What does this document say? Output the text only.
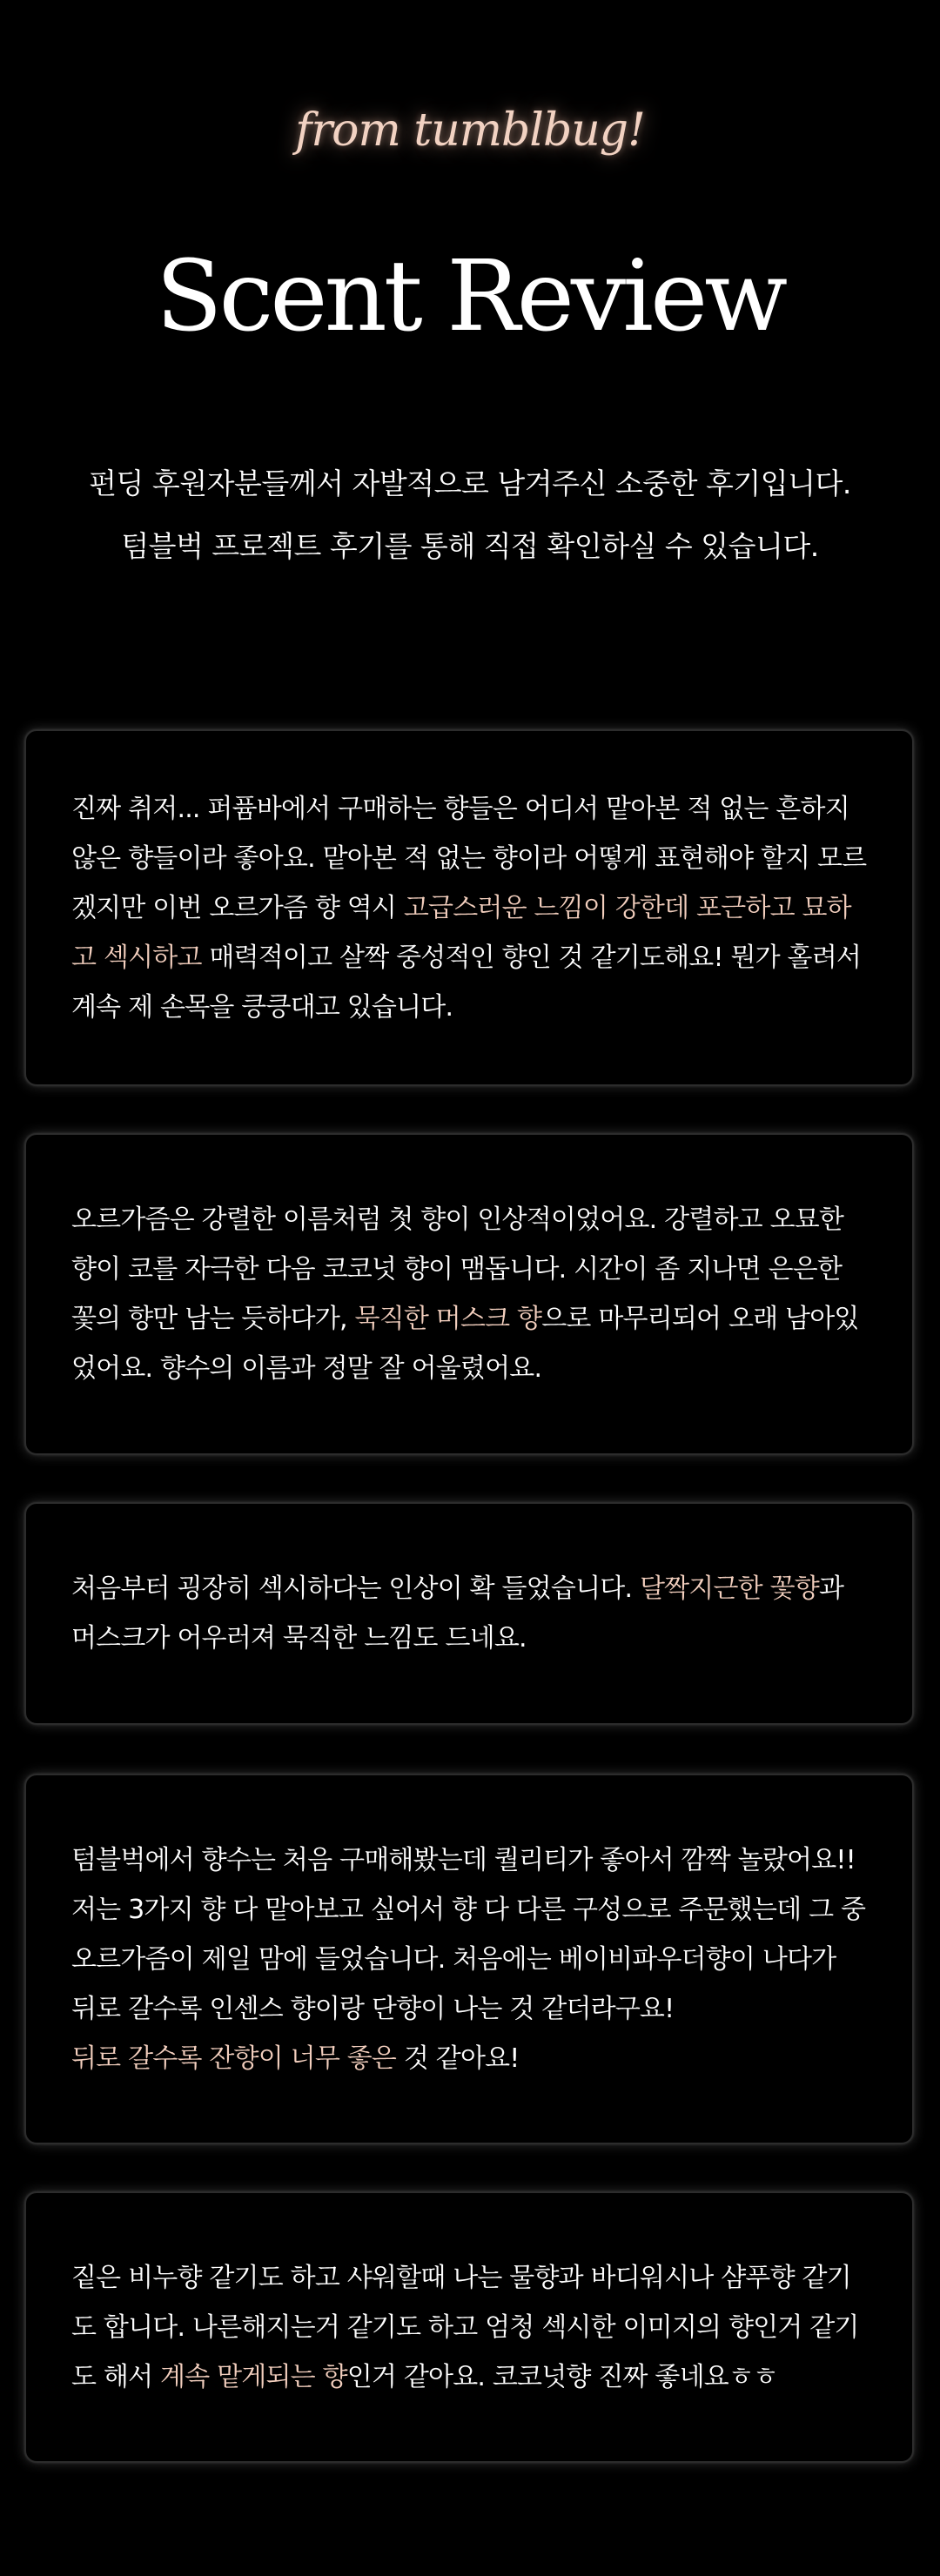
from tumblbug!
Scent Review

펀딩 후원자분들께서 자발적으로 남겨주신 소중한 후기입니다.

텀블벅 프로젝트 후기를 통해 직접 확인하실 수 있습니다.

진짜 취저... 퍼퓸바에서 구매하는 향들은 어디서 맡아본 적 없는 흔하지 않은 향들이라 좋아요. 맡아본 적 없는 향이라 어떻게 표현해야 할지 모르겠지만 이번 오르가즘 향 역시 고급스러운 느낌이 강한데 포근하고 묘하고 섹시하고 매력적이고 살짝 중성적인 향인 것 같기도해요! 뭔가 홀려서 계속 제 손목을 킁킁대고 있습니다.
오르가즘은 강렬한 이름처럼 첫 향이 인상적이었어요. 강렬하고 오묘한 향이 코를 자극한 다음 코코넛 향이 맴돕니다. 시간이 좀 지나면 은은한 꽃의 향만 남는 듯하다가, 묵직한 머스크 향으로 마무리되어 오래 남아있었어요. 향수의 이름과 정말 잘 어울렸어요.
처음부터 굉장히 섹시하다는 인상이 확 들었습니다. 달짝지근한 꽃향과 머스크가 어우러져 묵직한 느낌도 드네요.
텀블벅에서 향수는 처음 구매해봤는데 퀄리티가 좋아서 깜짝 놀랐어요!! 저는 3가지 향 다 맡아보고 싶어서 향 다 다른 구성으로 주문했는데 그 중 오르가즘이 제일 맘에 들었습니다. 처음에는 베이비파우더향이 나다가 뒤로 갈수록 인센스 향이랑 단향이 나는 것 같더라구요!
뒤로 갈수록 잔향이 너무 좋은 것 같아요!
짙은 비누향 같기도 하고 샤워할때 나는 물향과 바디워시나 샴푸향 같기도 합니다. 나른해지는거 같기도 하고 엄청 섹시한 이미지의 향인거 같기도 해서 계속 맡게되는 향인거 같아요. 코코넛향 진짜 좋네요ㅎㅎ
